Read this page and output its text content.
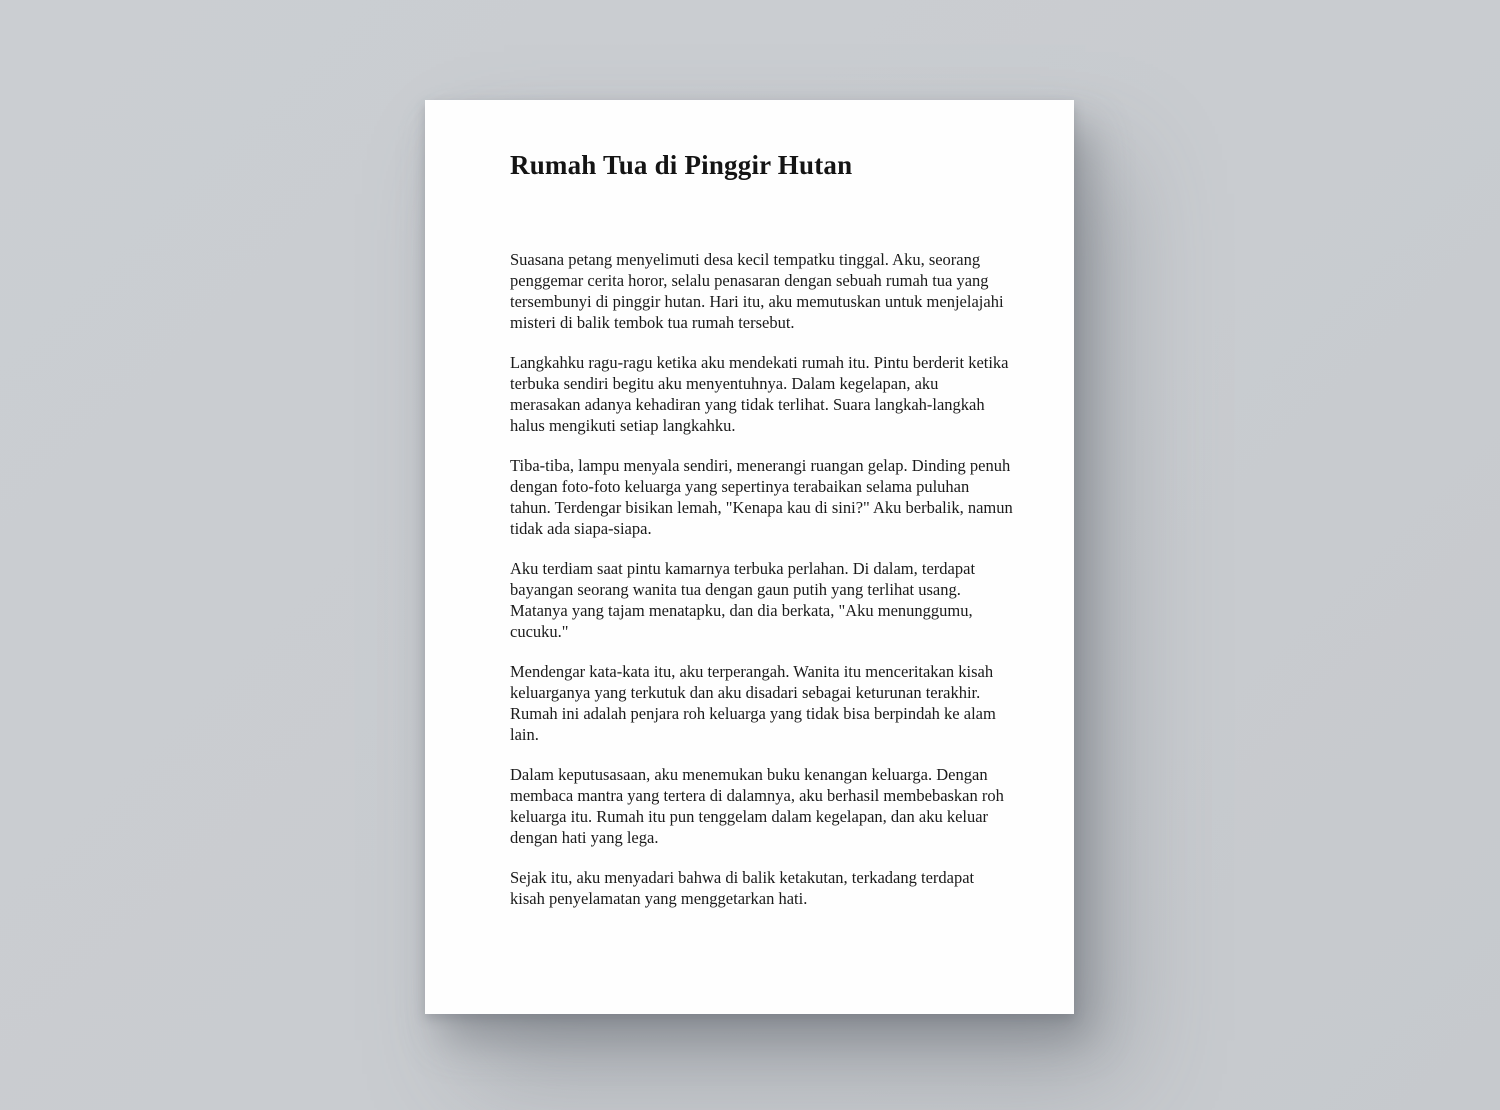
Rumah Tua di Pinggir Hutan

Suasana petang menyelimuti desa kecil tempatku tinggal. Aku, seorang penggemar cerita horor, selalu penasaran dengan sebuah rumah tua yang tersembunyi di pinggir hutan. Hari itu, aku memutuskan untuk menjelajahi misteri di balik tembok tua rumah tersebut.

Langkahku ragu-ragu ketika aku mendekati rumah itu. Pintu berderit ketika terbuka sendiri begitu aku menyentuhnya. Dalam kegelapan, aku merasakan adanya kehadiran yang tidak terlihat. Suara langkah-langkah halus mengikuti setiap langkahku.

Tiba-tiba, lampu menyala sendiri, menerangi ruangan gelap. Dinding penuh dengan foto-foto keluarga yang sepertinya terabaikan selama puluhan tahun. Terdengar bisikan lemah, "Kenapa kau di sini?" Aku berbalik, namun tidak ada siapa-siapa.

Aku terdiam saat pintu kamarnya terbuka perlahan. Di dalam, terdapat bayangan seorang wanita tua dengan gaun putih yang terlihat usang. Matanya yang tajam menatapku, dan dia berkata, "Aku menunggumu, cucuku."

Mendengar kata-kata itu, aku terperangah. Wanita itu menceritakan kisah keluarganya yang terkutuk dan aku disadari sebagai keturunan terakhir. Rumah ini adalah penjara roh keluarga yang tidak bisa berpindah ke alam lain.

Dalam keputusasaan, aku menemukan buku kenangan keluarga. Dengan membaca mantra yang tertera di dalamnya, aku berhasil membebaskan roh keluarga itu. Rumah itu pun tenggelam dalam kegelapan, dan aku keluar dengan hati yang lega.

Sejak itu, aku menyadari bahwa di balik ketakutan, terkadang terdapat kisah penyelamatan yang menggetarkan hati.
